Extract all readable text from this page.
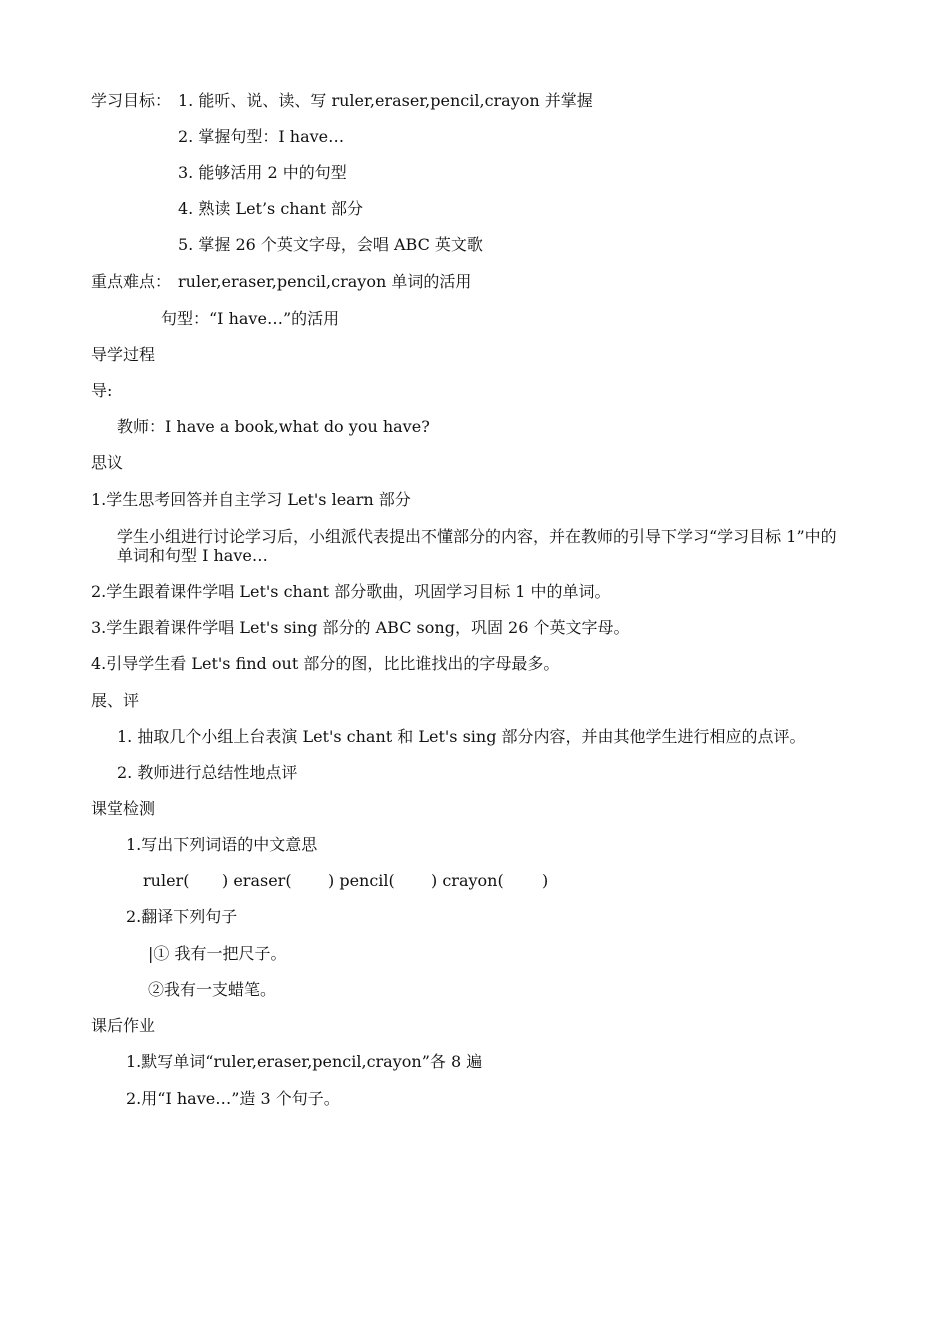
学习目标： 1. 能听、说、读、写 ruler,eraser,pencil,crayon 并掌握
2. 掌握句型：I have…
3. 能够活用 2 中的句型
4. 熟读 Let’s chant 部分
5. 掌握 26 个英文字母，会唱 ABC 英文歌
重点难点： ruler,eraser,pencil,crayon 单词的活用
句型：“I have…”的活用
导学过程
导:
教师：I have a book,what do you have?
思议
1.学生思考回答并自主学习 Let's learn 部分
学生小组进行讨论学习后，小组派代表提出不懂部分的内容，并在教师的引导下学习“学习目标 1”中的单词和句型 I have…
2.学生跟着课件学唱 Let's chant 部分歌曲，巩固学习目标 1 中的单词。
3.学生跟着课件学唱 Let's sing 部分的 ABC song，巩固 26 个英文字母。
4.引导学生看 Let's find out 部分的图，比比谁找出的字母最多。
展、评
1. 抽取几个小组上台表演 Let's chant 和 Let's sing 部分内容，并由其他学生进行相应的点评。
2. 教师进行总结性地点评
课堂检测
1.写出下列词语的中文意思
ruler( ) eraser( ) pencil( ) crayon( )
2.翻译下列句子
|① 我有一把尺子。
②我有一支蜡笔。
课后作业
1.默写单词“ruler,eraser,pencil,crayon”各 8 遍
2.用“I have…”造 3 个句子。
